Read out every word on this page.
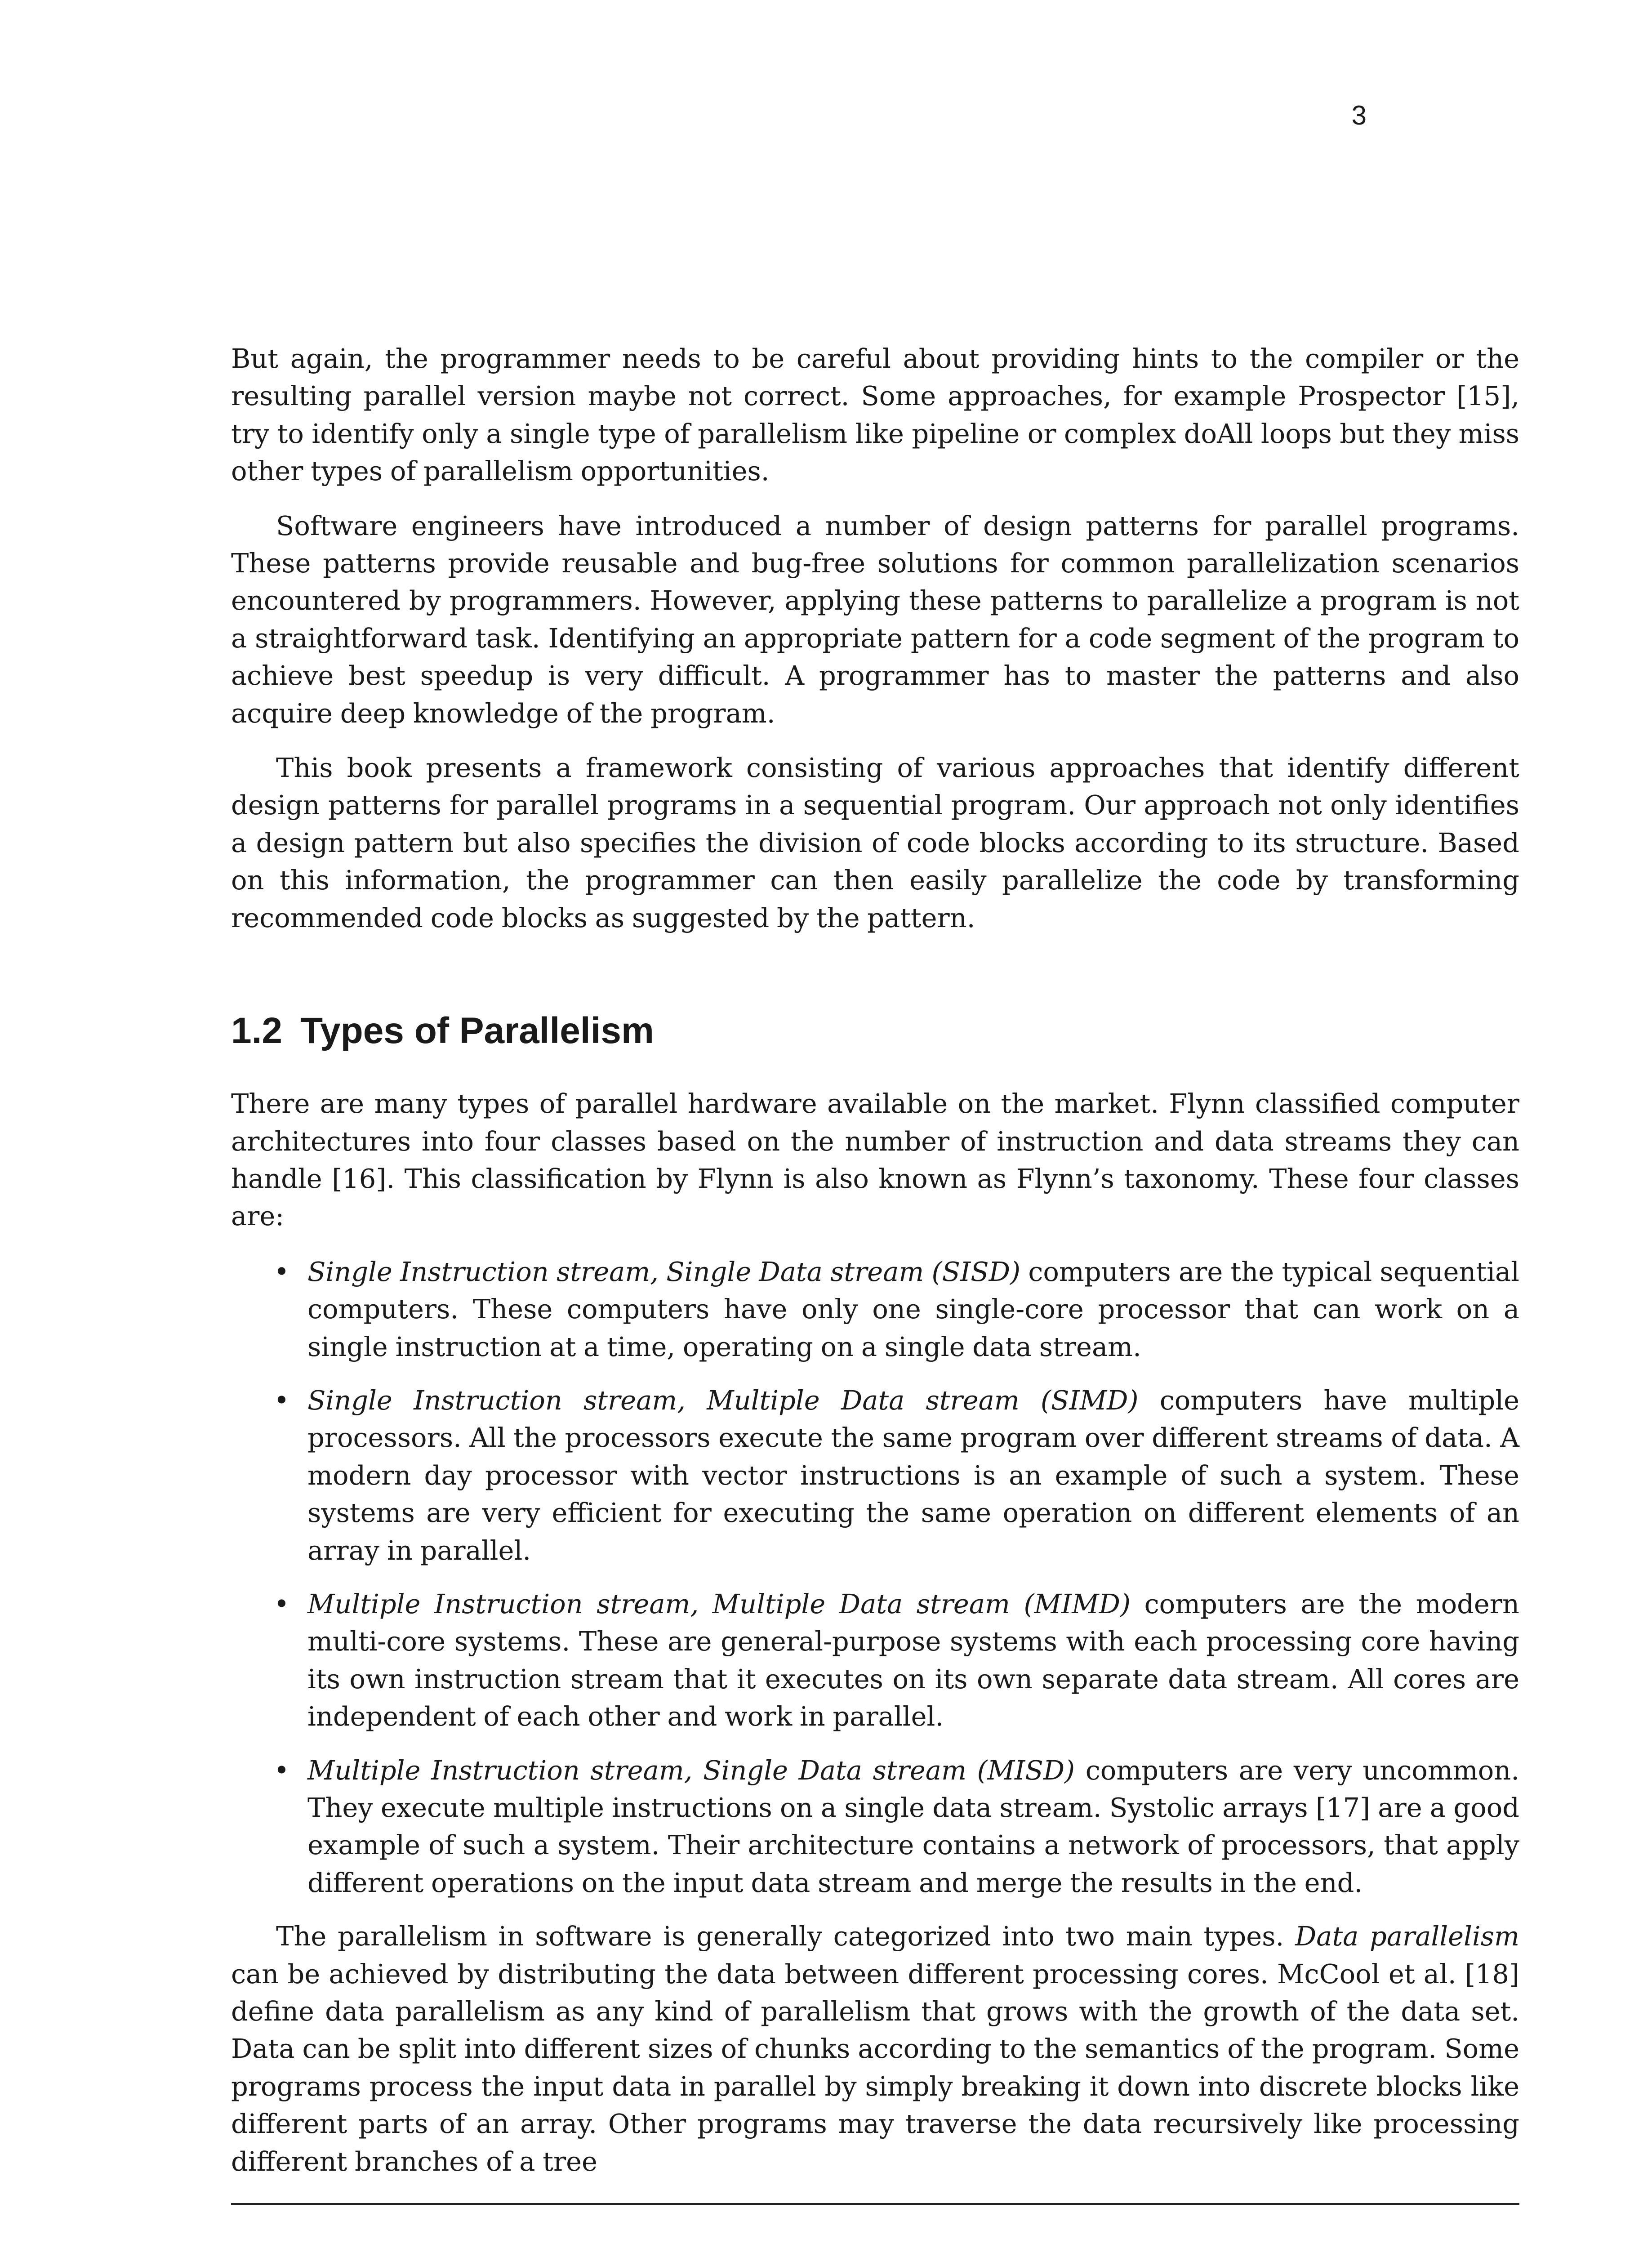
3

But again, the programmer needs to be careful about providing hints to the compiler or the resulting parallel version maybe not correct. Some approaches, for example Prospector [15], try to identify only a single type of parallelism like pipeline or complex doAll loops but they miss other types of parallelism opportunities.

Software engineers have introduced a number of design patterns for parallel programs. These patterns provide reusable and bug-free solutions for common parallelization scenarios encountered by programmers. However, applying these patterns to parallelize a program is not a straightforward task. Identifying an appropriate pattern for a code segment of the program to achieve best speedup is very difficult. A programmer has to master the patterns and also acquire deep knowledge of the program.

This book presents a framework consisting of various approaches that identify different design patterns for parallel programs in a sequential program. Our approach not only identifies a design pattern but also specifies the division of code blocks according to its structure. Based on this information, the programmer can then easily parallelize the code by transforming recommended code blocks as suggested by the pattern.

1.2 Types of Parallelism

There are many types of parallel hardware available on the market. Flynn classified computer architectures into four classes based on the number of instruction and data streams they can handle [16]. This classification by Flynn is also known as Flynn’s taxonomy. These four classes are:

• Single Instruction stream, Single Data stream (SISD) computers are the typical sequential computers. These computers have only one single-core processor that can work on a single instruction at a time, operating on a single data stream.
• Single Instruction stream, Multiple Data stream (SIMD) computers have multiple processors. All the processors execute the same program over different streams of data. A modern day processor with vector instructions is an example of such a system. These systems are very efficient for executing the same operation on different elements of an array in parallel.
• Multiple Instruction stream, Multiple Data stream (MIMD) computers are the modern multi-core systems. These are general-purpose systems with each processing core having its own instruction stream that it executes on its own separate data stream. All cores are independent of each other and work in parallel.
• Multiple Instruction stream, Single Data stream (MISD) computers are very uncommon. They execute multiple instructions on a single data stream. Systolic arrays [17] are a good example of such a system. Their architecture contains a network of processors, that apply different operations on the input data stream and merge the results in the end.

The parallelism in software is generally categorized into two main types. Data parallelism can be achieved by distributing the data between different processing cores. McCool et al. [18] define data parallelism as any kind of parallelism that grows with the growth of the data set. Data can be split into different sizes of chunks according to the semantics of the program. Some programs process the input data in parallel by simply breaking it down into discrete blocks like different parts of an array. Other programs may traverse the data recursively like processing different branches of a tree
